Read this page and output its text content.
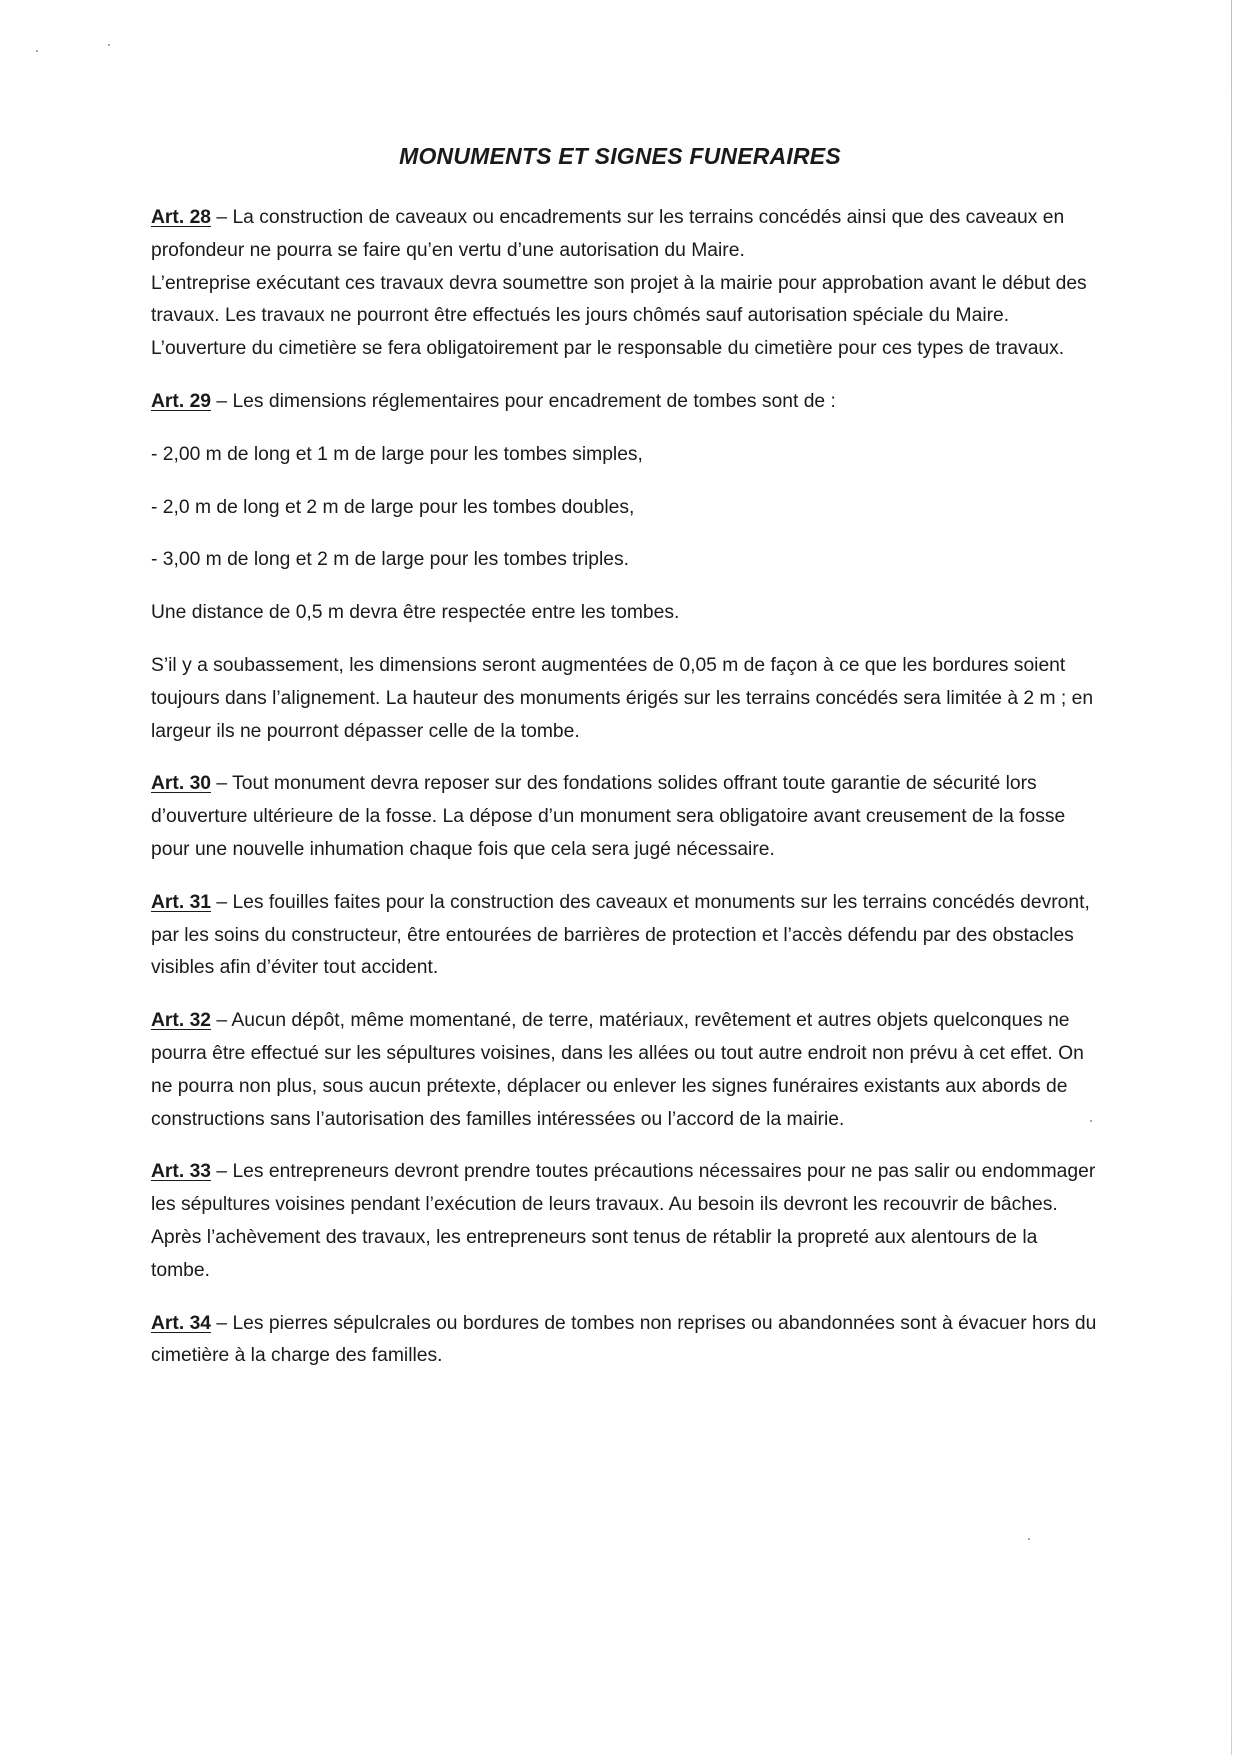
MONUMENTS ET SIGNES FUNERAIRES

Art. 28 – La construction de caveaux ou encadrements sur les terrains concédés ainsi que des caveaux en profondeur ne pourra se faire qu’en vertu d’une autorisation du Maire.

L’entreprise exécutant ces travaux devra soumettre son projet à la mairie pour approbation avant le début des travaux. Les travaux ne pourront être effectués les jours chômés sauf autorisation spéciale du Maire. L’ouverture du cimetière se fera obligatoirement par le responsable du cimetière pour ces types de travaux.

Art. 29 – Les dimensions réglementaires pour encadrement de tombes sont de :

- 2,00 m de long et 1 m de large pour les tombes simples,

- 2,0 m de long et 2 m de large pour les tombes doubles,

- 3,00 m de long et 2 m de large pour les tombes triples.

Une distance de 0,5 m devra être respectée entre les tombes.

S’il y a soubassement, les dimensions seront augmentées de 0,05 m de façon à ce que les bordures soient toujours dans l’alignement. La hauteur des monuments érigés sur les terrains concédés sera limitée à 2 m ; en largeur ils ne pourront dépasser celle de la tombe.

Art. 30 – Tout monument devra reposer sur des fondations solides offrant toute garantie de sécurité lors d’ouverture ultérieure de la fosse. La dépose d’un monument sera obligatoire avant creusement de la fosse pour une nouvelle inhumation chaque fois que cela sera jugé nécessaire.

Art. 31 – Les fouilles faites pour la construction des caveaux et monuments sur les terrains concédés devront, par les soins du constructeur, être entourées de barrières de protection et l’accès défendu par des obstacles visibles afin d’éviter tout accident.

Art. 32 – Aucun dépôt, même momentané, de terre, matériaux, revêtement et autres objets quelconques ne pourra être effectué sur les sépultures voisines, dans les allées ou tout autre endroit non prévu à cet effet. On ne pourra non plus, sous aucun prétexte, déplacer ou enlever les signes funéraires existants aux abords de constructions sans l’autorisation des familles intéressées ou l’accord de la mairie.

Art. 33 – Les entrepreneurs devront prendre toutes précautions nécessaires pour ne pas salir ou endommager les sépultures voisines pendant l’exécution de leurs travaux. Au besoin ils devront les recouvrir de bâches. Après l’achèvement des travaux, les entrepreneurs sont tenus de rétablir la propreté aux alentours de la tombe.

Art. 34 – Les pierres sépulcrales ou bordures de tombes non reprises ou abandonnées sont à évacuer hors du cimetière à la charge des familles.
